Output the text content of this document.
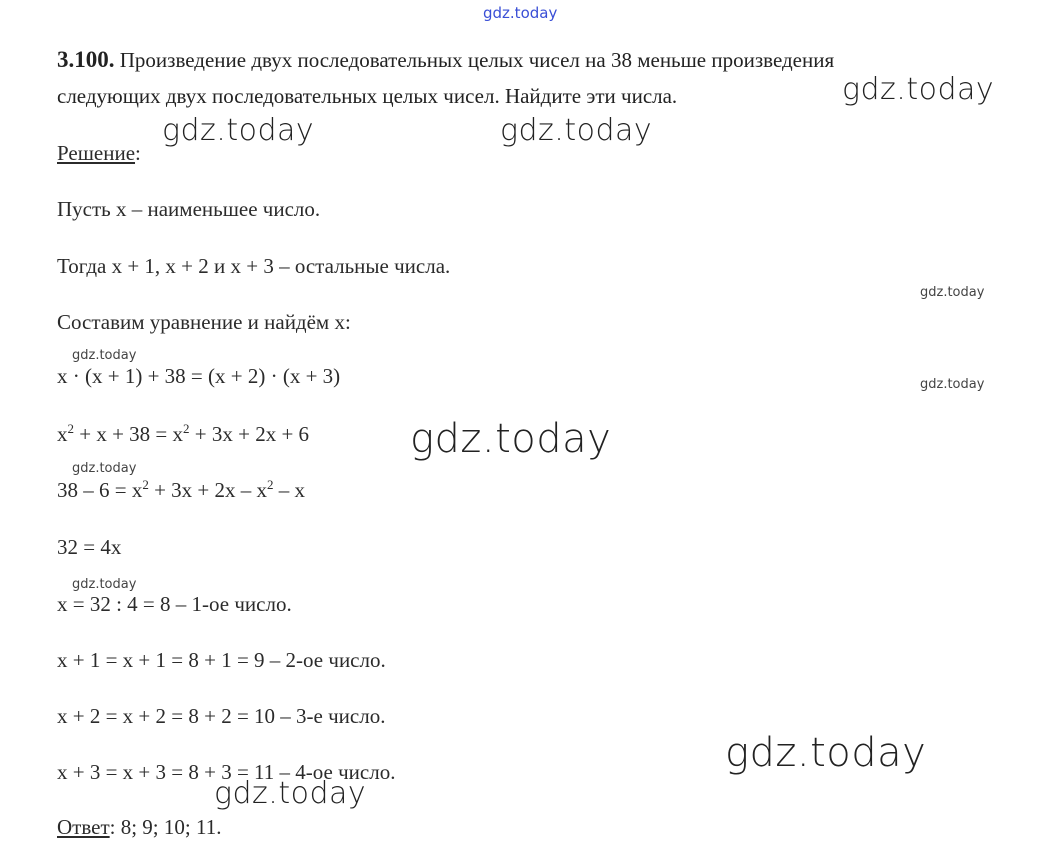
gdz.today
3.100. Произведение двух последовательных целых чисел на 38 меньше произведения
следующих двух последовательных целых чисел. Найдите эти числа.	gdz.today
gdz.today	gdz.today
gdz.today
gdz.today
gdz.today
gdz.today
gdz.today
gdz.today
gdz.today
gdz.today
Решение:
Пусть x – наименьшее число.
Тогда x + 1, x + 2 и x + 3 – остальные числа.
Составим уравнение и найдём x:
x · (x + 1) + 38 = (x + 2) · (x + 3)
$x^2 + x + 38 = x^2 + 3x + 2x + 6$
$38 - 6 = x^2 + 3x + 2x - x^2 - x$
32 = 4x
x = 32 : 4 = 8 – 1-ое число.
x + 1 = x + 1 = 8 + 1 = 9 – 2-ое число.
x + 2 = x + 2 = 8 + 2 = 10 – 3-е число.
x + 3 = x + 3 = 8 + 3 = 11 – 4-ое число.
Ответ: 8; 9; 10; 11.
